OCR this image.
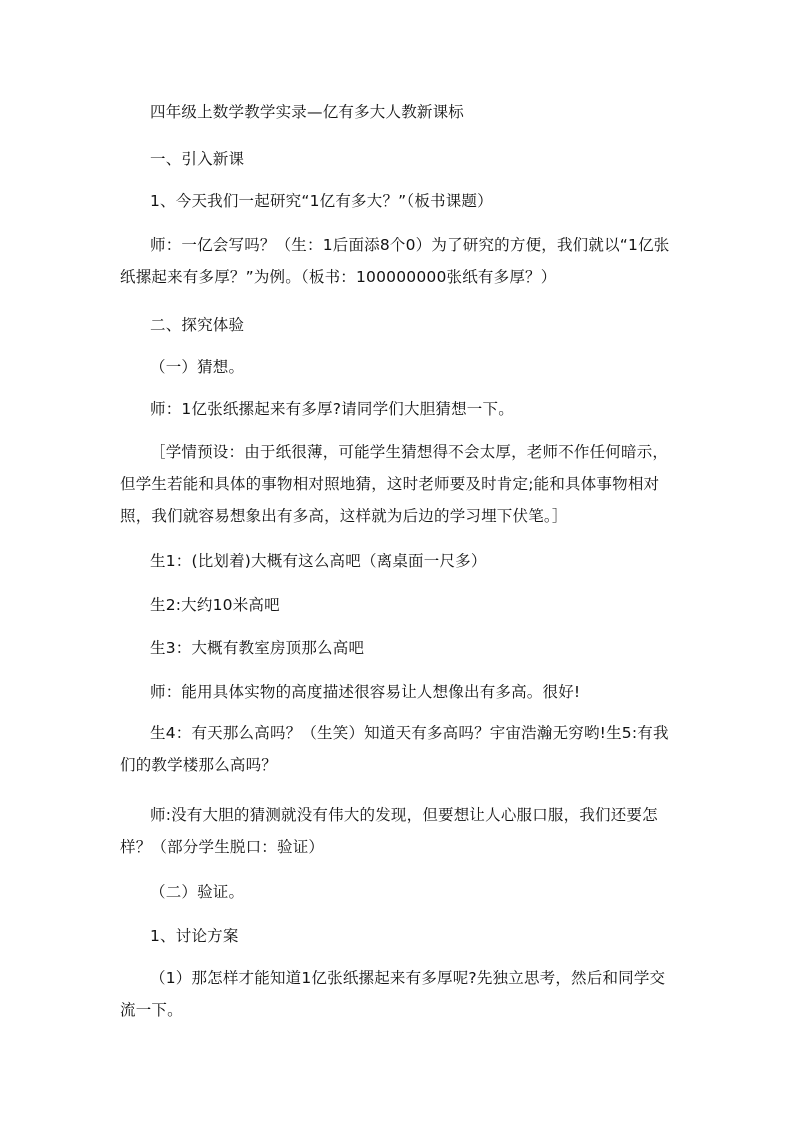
四年级上数学教学实录—亿有多大人教新课标

一、引入新课

1、今天我们一起研究“1亿有多大？”（板书课题）

师：一亿会写吗？（生：1后面添8个0）为了研究的方便，我们就以“1亿张纸摞起来有多厚？”为例。（板书：100000000张纸有多厚？）

二、探究体验

（一）猜想。

师：1亿张纸摞起来有多厚?请同学们大胆猜想一下。

［学情预设：由于纸很薄，可能学生猜想得不会太厚，老师不作任何暗示，但学生若能和具体的事物相对照地猜，这时老师要及时肯定;能和具体事物相对照，我们就容易想象出有多高，这样就为后边的学习埋下伏笔。］

生1：(比划着)大概有这么高吧（离桌面一尺多）

生2:大约10米高吧

生3：大概有教室房顶那么高吧

师：能用具体实物的高度描述很容易让人想像出有多高。很好!

生4：有天那么高吗？（生笑）知道天有多高吗？宇宙浩瀚无穷哟!生5:有我们的教学楼那么高吗？

师:没有大胆的猜测就没有伟大的发现，但要想让人心服口服，我们还要怎样？（部分学生脱口：验证）

（二）验证。

1、讨论方案

（1）那怎样才能知道1亿张纸摞起来有多厚呢?先独立思考，然后和同学交流一下。
